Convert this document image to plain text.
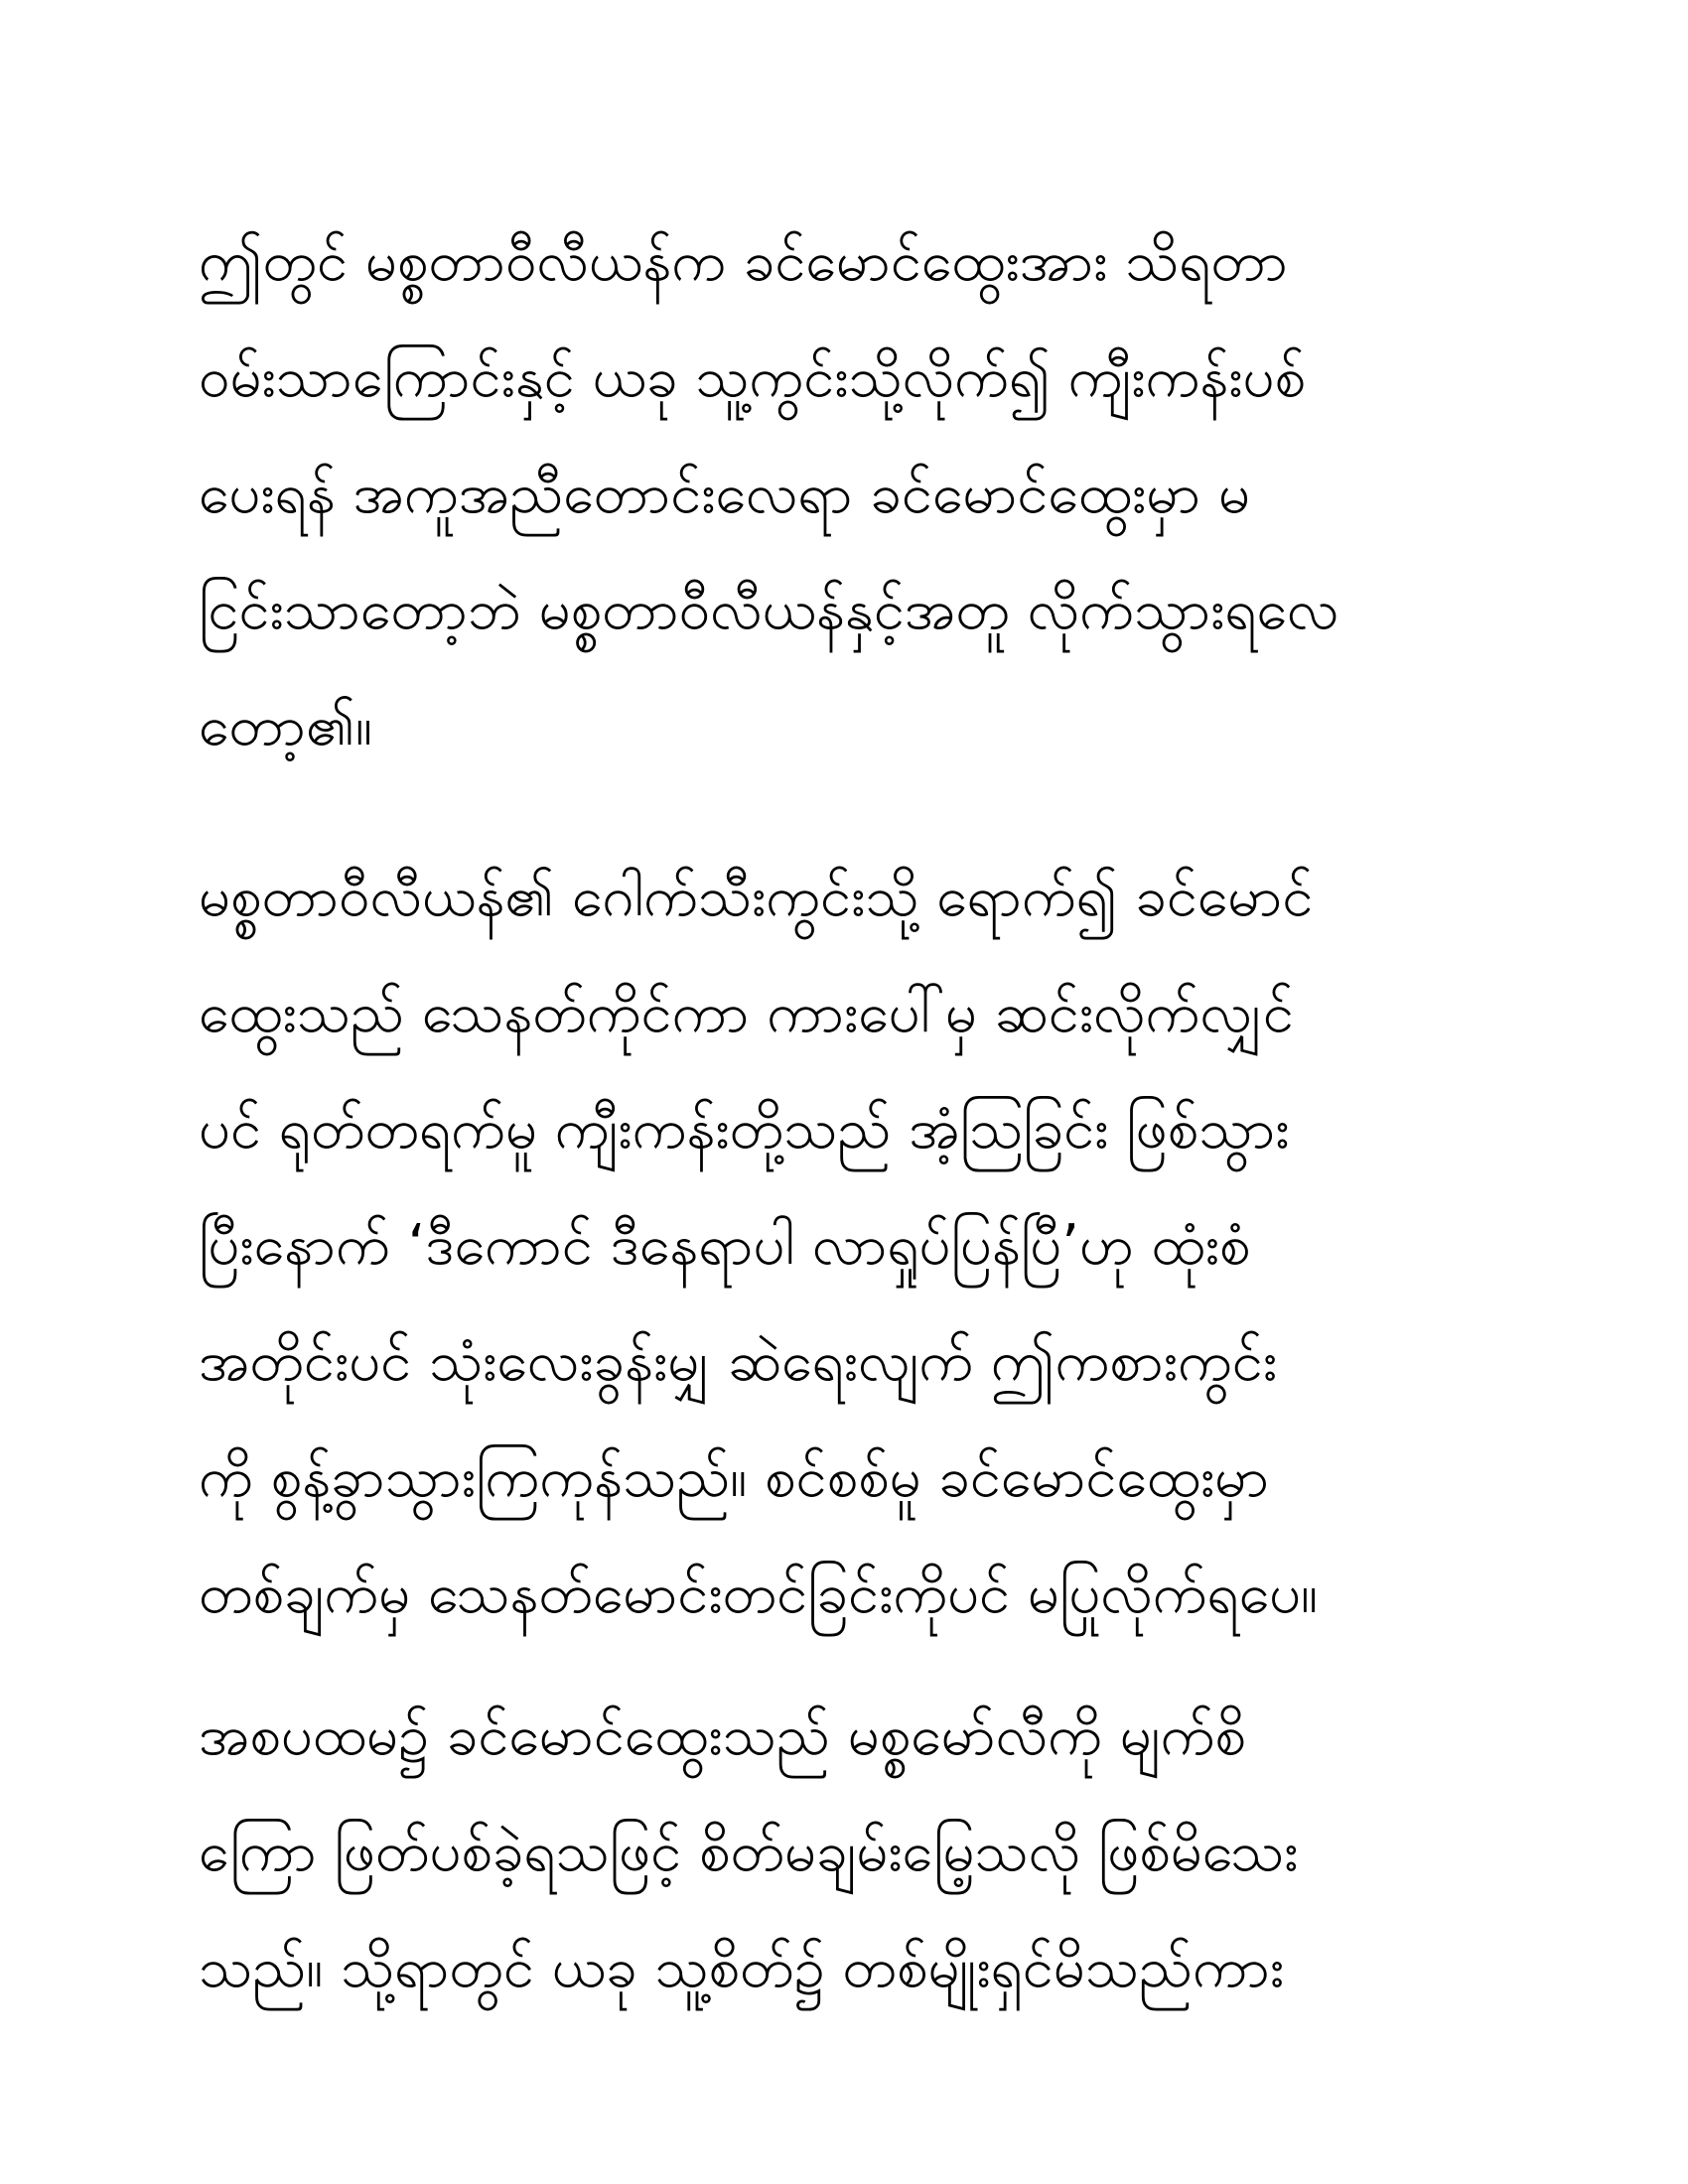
ဤတွင် မစ္စတာဝီလီယန်က ခင်မောင်ထွေးအား သိရတာ
ဝမ်းသာကြောင်းနှင့် ယခု သူ့ကွင်းသို့လိုက်၍ ကျီးကန်းပစ်
ပေးရန် အကူအညီတောင်းလေရာ ခင်မောင်ထွေးမှာ မ
ငြင်းသာတော့ဘဲ မစ္စတာဝီလီယန်နှင့်အတူ လိုက်သွားရလေ
တော့၏။
မစ္စတာဝီလီယန်၏ ဂေါက်သီးကွင်းသို့ ရောက်၍ ခင်မောင်
ထွေးသည် သေနတ်ကိုင်ကာ ကားပေါ်မှ ဆင်းလိုက်လျှင်
ပင် ရုတ်တရက်မူ ကျီးကန်းတို့သည် အံ့သြခြင်း ဖြစ်သွား
ပြီးနောက် ‘ဒီကောင် ဒီနေရာပါ လာရှုပ်ပြန်ပြီ’ဟု ထုံးစံ
အတိုင်းပင် သုံးလေးခွန်းမျှ ဆဲရေးလျက် ဤကစားကွင်း
ကို စွန့်ခွာသွားကြကုန်သည်။ စင်စစ်မူ ခင်မောင်ထွေးမှာ
တစ်ချက်မှ သေနတ်မောင်းတင်ခြင်းကိုပင် မပြုလိုက်ရပေ။
အစပထမ၌ ခင်မောင်ထွေးသည် မစ္စမော်လီကို မျက်စိ
ကြော ဖြတ်ပစ်ခဲ့ရသဖြင့် စိတ်မချမ်းမြေ့သလို ဖြစ်မိသေး
သည်။ သို့ရာတွင် ယခု သူ့စိတ်၌ တစ်မျိုးရှင်မိသည်ကား
